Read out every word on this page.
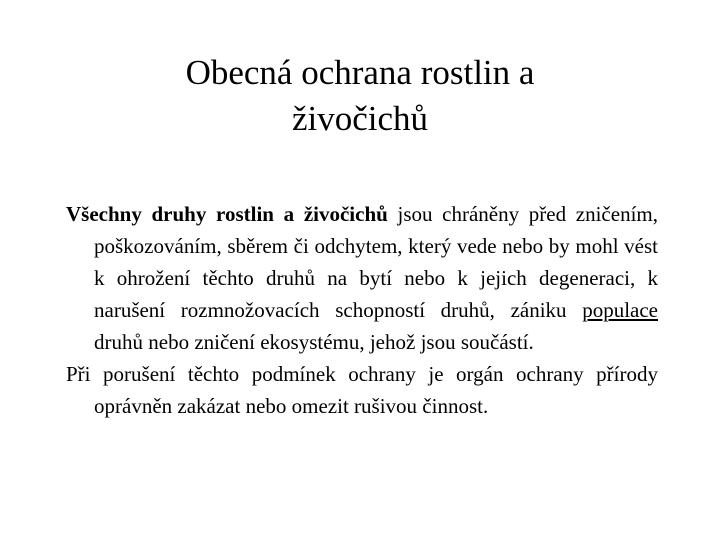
Obecná ochrana rostlin a
živočichů

Všechny druhy rostlin a živočichů jsou chráněny před zničením, poškozováním, sběrem či odchytem, který vede nebo by mohl vést k ohrožení těchto druhů na bytí nebo k jejich degeneraci, k narušení rozmnožovacích schopností druhů, zániku populace druhů nebo zničení ekosystému, jehož jsou součástí.

Při porušení těchto podmínek ochrany je orgán ochrany přírody oprávněn zakázat nebo omezit rušivou činnost.
